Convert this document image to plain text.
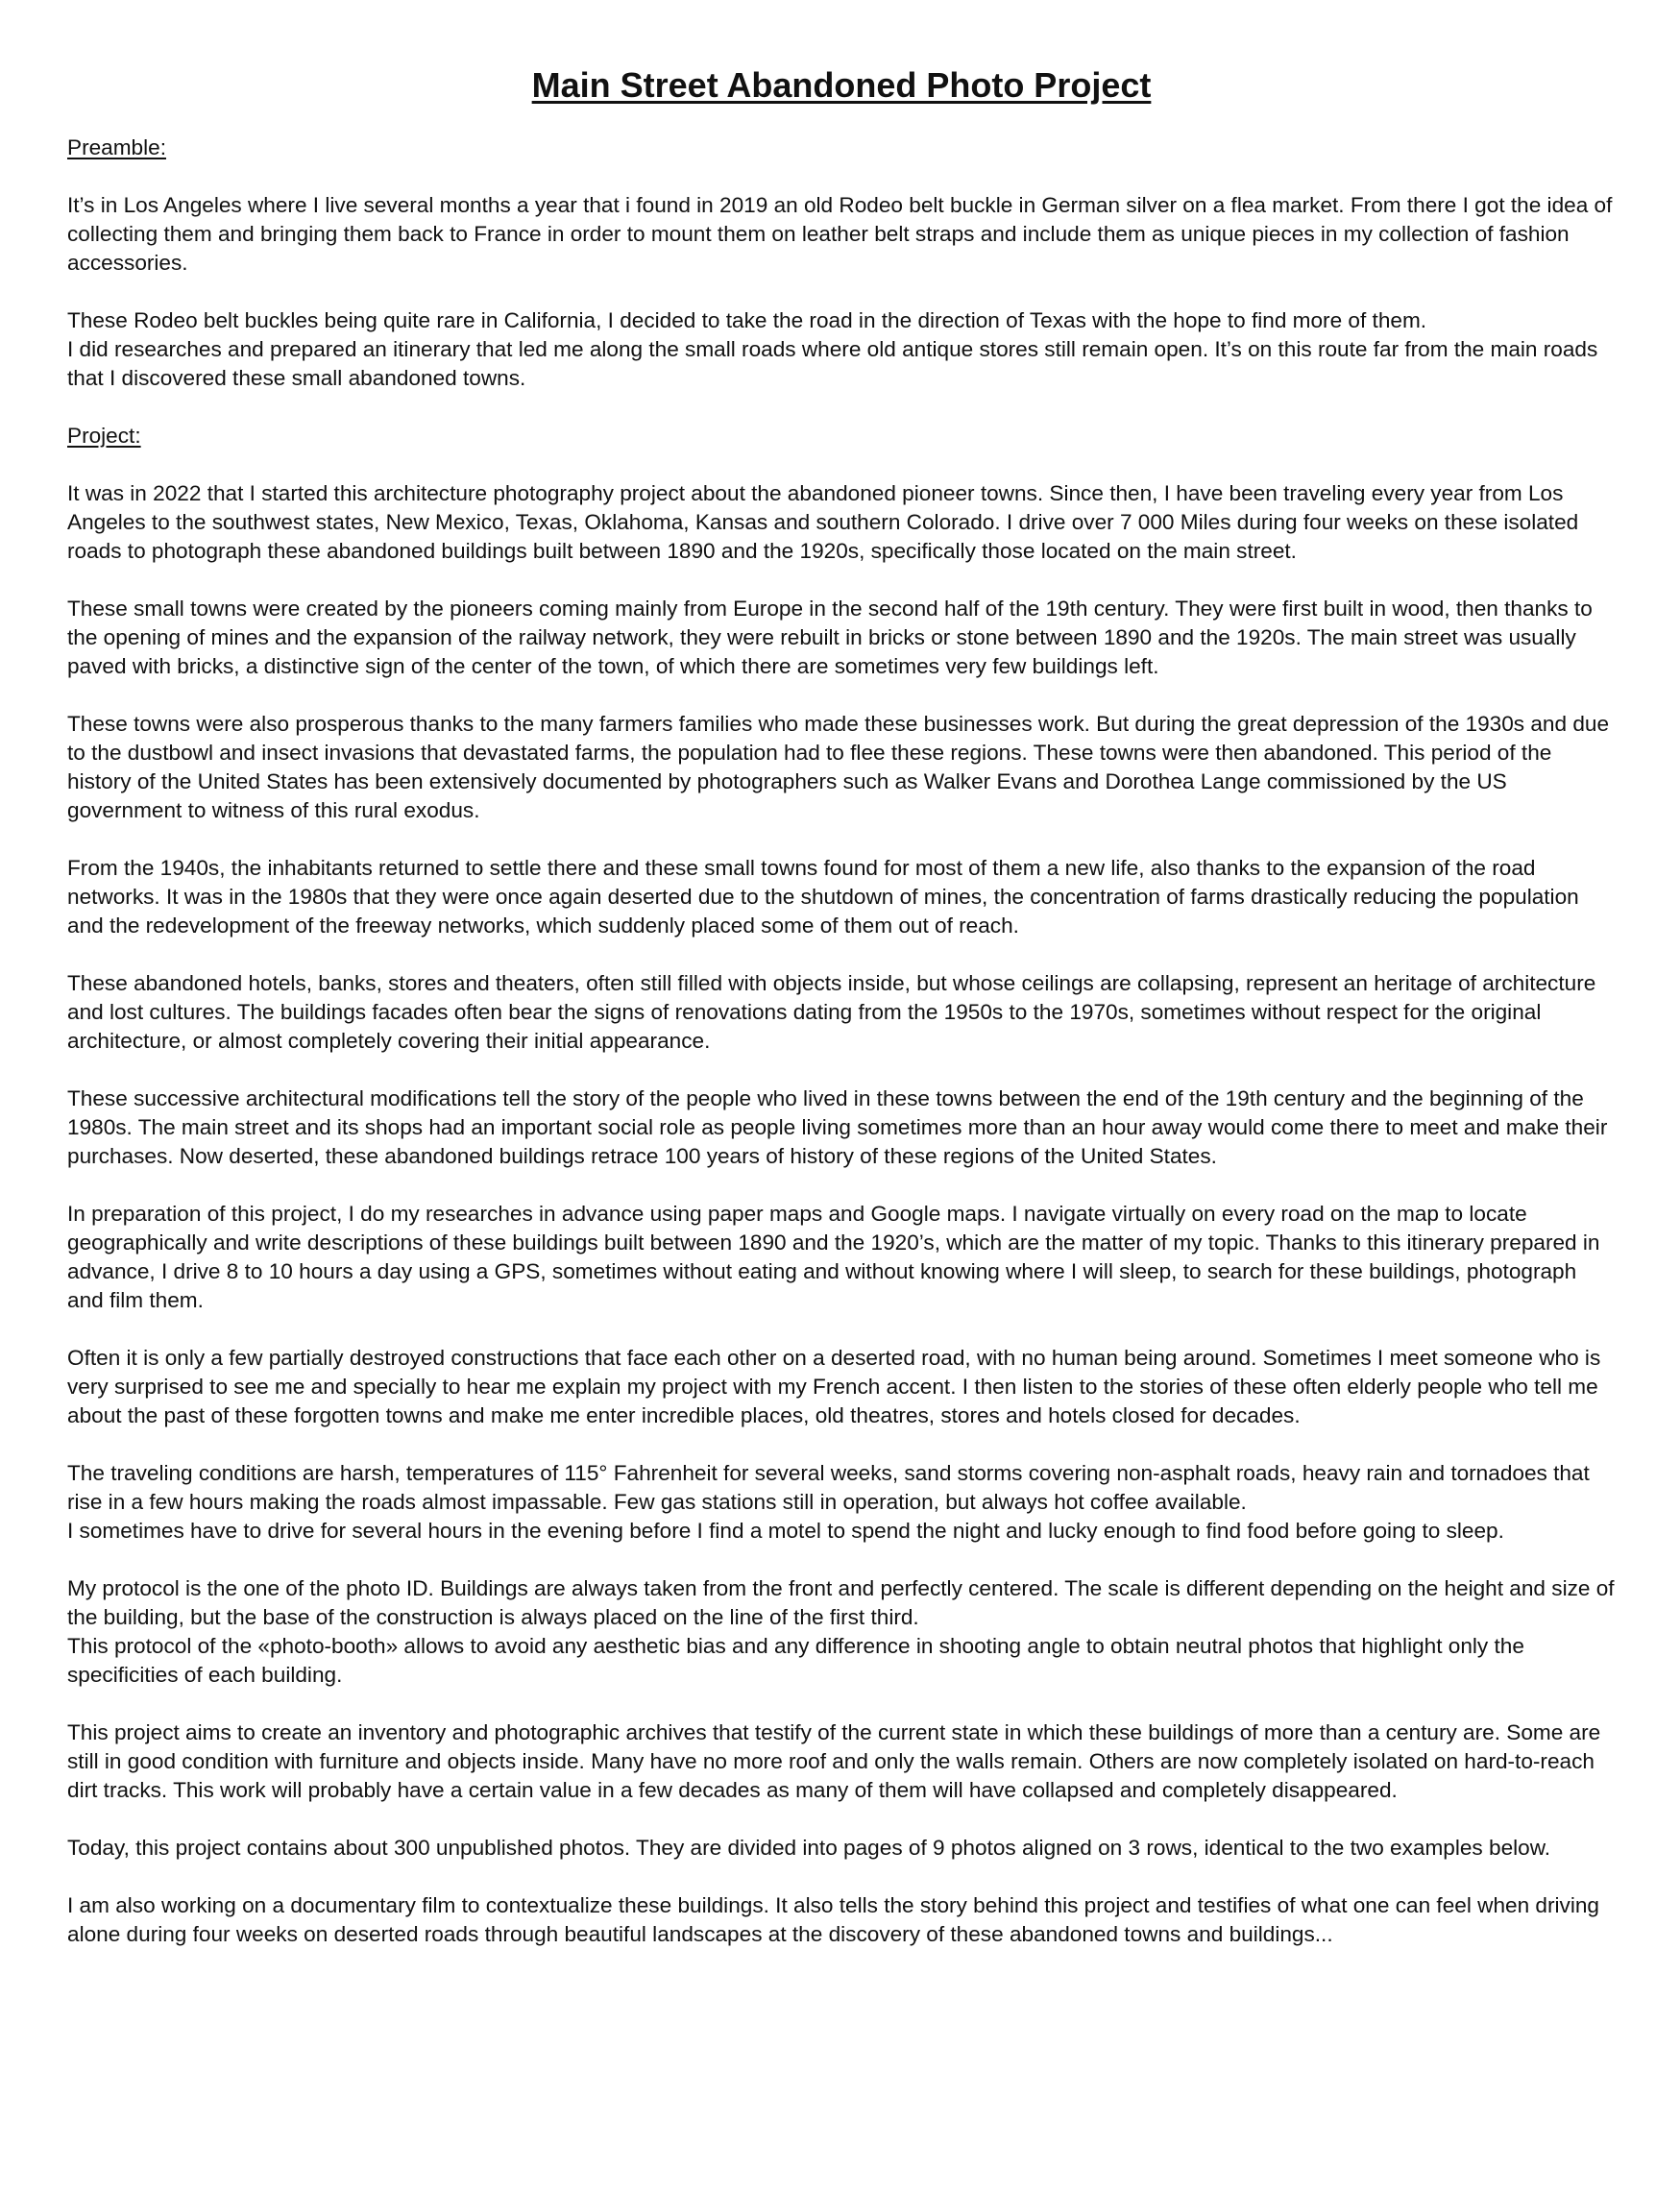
Main Street Abandoned Photo Project
Preamble:
It’s in Los Angeles where I live several months a year that i found in 2019 an old Rodeo belt buckle in German silver on a flea market. From there I got the idea of collecting them and bringing them back to France in order to mount them on leather belt straps and include them as unique pieces in my collection of fashion accessories.
These Rodeo belt buckles being quite rare in California, I decided to take the road in the direction of Texas with the hope to find more of them.
I did researches and prepared an itinerary that led me along the small roads where old antique stores still remain open. It’s on this route far from the main roads that I discovered these small abandoned towns.
Project:
It was in 2022 that I started this architecture photography project about the abandoned pioneer towns. Since then, I have been traveling every year from Los Angeles to the southwest states, New Mexico, Texas, Oklahoma, Kansas and southern Colorado. I drive over 7 000 Miles during four weeks on these isolated roads to photograph these abandoned buildings built between 1890 and the 1920s, specifically those located on the main street.
These small towns were created by the pioneers coming mainly from Europe in the second half of the 19th century. They were first built in wood, then thanks to the opening of mines and the expansion of the railway network, they were rebuilt in bricks or stone between 1890 and the 1920s. The main street was usually paved with bricks, a distinctive sign of the center of the town, of which there are sometimes very few buildings left.
These towns were also prosperous thanks to the many farmers families who made these businesses work. But during the great depression of the 1930s and due to the dustbowl and insect invasions that devastated farms, the population had to flee these regions. These towns were then abandoned. This period of the history of the United States has been extensively documented by photographers such as Walker Evans and Dorothea Lange commissioned by the US government to witness of this rural exodus.
From the 1940s, the inhabitants returned to settle there and these small towns found for most of them a new life, also thanks to the expansion of the road networks. It was in the 1980s that they were once again deserted due to the shutdown of mines, the concentration of farms drastically reducing the population and the redevelopment of the freeway networks, which suddenly placed some of them out of reach.
These abandoned hotels, banks, stores and theaters, often still filled with objects inside, but whose ceilings are collapsing, represent an heritage of architecture and lost cultures. The buildings facades often bear the signs of renovations dating from the 1950s to the 1970s, sometimes without respect for the original architecture, or almost completely covering their initial appearance.
These successive architectural modifications tell the story of the people who lived in these towns between the end of the 19th century and the beginning of the 1980s. The main street and its shops had an important social role as people living sometimes more than an hour away would come there to meet and make their purchases. Now deserted, these abandoned buildings retrace 100 years of history of these regions of the United States.
In preparation of this project, I do my researches in advance using paper maps and Google maps. I navigate virtually on every road on the map to locate geographically and write descriptions of these buildings built between 1890 and the 1920’s, which are the matter of my topic. Thanks to this itinerary prepared in advance, I drive 8 to 10 hours a day using a GPS, sometimes without eating and without knowing where I will sleep, to search for these buildings, photograph and film them.
Often it is only a few partially destroyed constructions that face each other on a deserted road, with no human being around. Sometimes I meet someone who is very surprised to see me and specially to hear me explain my project with my French accent. I then listen to the stories of these often elderly people who tell me about the past of these forgotten towns and make me enter incredible places, old theatres, stores and hotels closed for decades.
The traveling conditions are harsh, temperatures of 115° Fahrenheit for several weeks, sand storms covering non-asphalt roads, heavy rain and tornadoes that rise in a few hours making the roads almost impassable. Few gas stations still in operation, but always hot coffee available.
I sometimes have to drive for several hours in the evening before I find a motel to spend the night and lucky enough to find food before going to sleep.
My protocol is the one of the photo ID. Buildings are always taken from the front and perfectly centered. The scale is different depending on the height and size of the building, but the base of the construction is always placed on the line of the first third.
This protocol of the «photo-booth» allows to avoid any aesthetic bias and any difference in shooting angle to obtain neutral photos that highlight only the specificities of each building.
This project aims to create an inventory and photographic archives that testify of the current state in which these buildings of more than a century are. Some are still in good condition with furniture and objects inside. Many have no more roof and only the walls remain. Others are now completely isolated on hard-to-reach dirt tracks. This work will probably have a certain value in a few decades as many of them will have collapsed and completely disappeared.
Today, this project contains about 300 unpublished photos. They are divided into pages of 9 photos aligned on 3 rows, identical to the two examples below.
I am also working on a documentary film to contextualize these buildings. It also tells the story behind this project and testifies of what one can feel when driving alone during four weeks on deserted roads through beautiful landscapes at the discovery of these abandoned towns and buildings...
